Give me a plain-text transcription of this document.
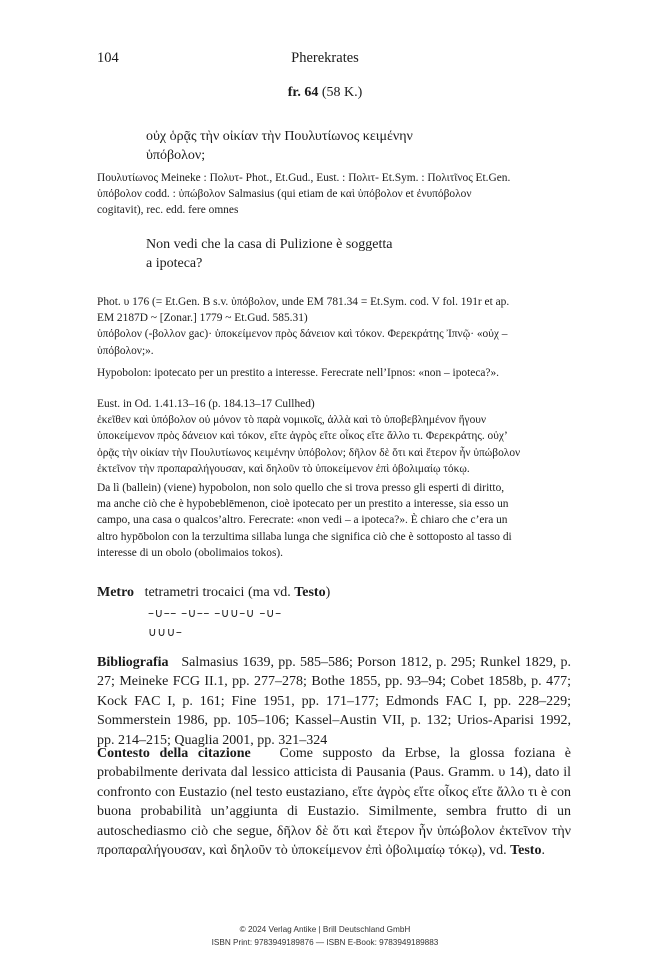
104	Pherekrates
fr. 64 (58 K.)
οὐχ ὁρᾷς τὴν οἰκίαν τὴν Πουλυτίωνος κειμένην
ὑπόβολον;
Πουλυτίωνος Meineke : Πολυτ- Phot., Et.Gud., Eust. : Πολιτ- Et.Sym. : Πολιτῖνος Et.Gen.
ὑπόβολον codd. : ὑπώβολον Salmasius (qui etiam de καὶ ὑπόβολον et ἐνυπόβολον
cogitavit), rec. edd. fere omnes
Non vedi che la casa di Pulizione è soggetta
a ipoteca?
Phot. υ 176 (= Et.Gen. B s.v. ὑπόβολον, unde EM 781.34 = Et.Sym. cod. V fol. 191r et ap.
EM 2187D ~ [Zonar.] 1779 ~ Et.Gud. 585.31)
ὑπόβολον (-βολλον gac)· ὑποκείμενον πρὸς δάνειον καὶ τόκον. Φερεκράτης Ἰπνῷ· «οὐχ –
ὑπόβολον;».
Hypobolon: ipotecato per un prestito a interesse. Ferecrate nell’Ipnos: «non – ipoteca?».
Eust. in Od. 1.41.13–16 (p. 184.13–17 Cullhed)
ἐκεῖθεν καὶ ὑπόβολον οὐ μόνον τὸ παρὰ νομικοῖς, ἀλλὰ καὶ τὸ ὑποβεβλημένον ἤγουν
ὑποκείμενον πρὸς δάνειον καὶ τόκον, εἴτε ἀγρὸς εἴτε οἶκος εἴτε ἄλλο τι. Φερεκράτης. οὐχ’
ὁρᾷς τὴν οἰκίαν τὴν Πουλυτίωνος κειμένην ὑπόβολον; δῆλον δὲ ὅτι καὶ ἕτερον ἦν ὑπώβολον
ἐκτεῖνον τὴν προπαραλήγουσαν, καὶ δηλοῦν τὸ ὑποκείμενον ἐπὶ ὀβολιμαίῳ τόκῳ.
Da lì (ballein) (viene) hypobolon, non solo quello che si trova presso gli esperti di diritto,
ma anche ciò che è hypobeblēmenon, cioè ipotecato per un prestito a interesse, sia esso un
campo, una casa o qualcos’altro. Ferecrate: «non vedi – a ipoteca?». È chiaro che c’era un
altro hypōbolon con la terzultima sillaba lunga che significa ciò che è sottoposto al tasso di
interesse di un obolo (obolimaios tokos).
Metro tetrametri trocaici (ma vd. Testo)
–∪–– –∪–– –∪∪–∪ –∪–
∪∪∪–
Bibliografia Salmasius 1639, pp. 585–586; Porson 1812, p. 295; Runkel 1829, p. 27; Meineke FCG II.1, pp. 277–278; Bothe 1855, pp. 93–94; Cobet 1858b, p. 477; Kock FAC I, p. 161; Fine 1951, pp. 171–177; Edmonds FAC I, pp. 228–229; Sommerstein 1986, pp. 105–106; Kassel–Austin VII, p. 132; Urios-Aparisi 1992, pp. 214–215; Quaglia 2001, pp. 321–324
Contesto della citazione Come supposto da Erbse, la glossa foziana è probabilmente derivata dal lessico atticista di Pausania (Paus. Gramm. υ 14), dato il confronto con Eustazio (nel testo eustaziano, εἴτε ἀγρὸς εἴτε οἶκος εἴτε ἄλλο τι è con buona probabilità un’aggiunta di Eustazio. Similmente, sembra frutto di un autoschediasmo ciò che segue, δῆλον δὲ ὅτι καὶ ἕτερον ἦν ὑπώβολον ἐκτεῖνον τὴν προπαραλήγουσαν, καὶ δηλοῦν τὸ ὑποκείμενον ἐπὶ ὀβολιμαίῳ τόκῳ), vd. Testo.
© 2024 Verlag Antike | Brill Deutschland GmbH
ISBN Print: 9783949189876 — ISBN E-Book: 9783949189883
